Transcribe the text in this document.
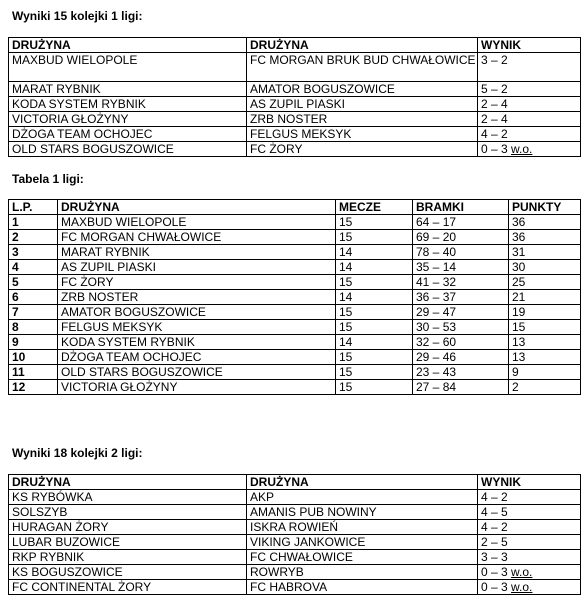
Wyniki 15 kolejki 1 ligi:
DRUŻYNA	DRUŻYNA	WYNIK
MAXBUD WIELOPOLE	FC MORGAN BRUK BUD CHWAŁOWICE	3 – 2
MARAT RYBNIK	AMATOR BOGUSZOWICE	5 – 2
KODA SYSTEM RYBNIK	AS ZUPIL PIASKI	2 – 4
VICTORIA GŁOŻYNY	ZRB NOSTER	2 – 4
DŻOGA TEAM OCHOJEC	FELGUS MEKSYK	4 – 2
OLD STARS BOGUSZOWICE	FC ŻORY	0 – 3 w.o.
Tabela 1 ligi:
L.P.	DRUŻYNA	MECZE	BRAMKI	PUNKTY
1	MAXBUD WIELOPOLE	15	64 – 17	36
2	FC MORGAN CHWAŁOWICE	15	69 – 20	36
3	MARAT RYBNIK	14	78 – 40	31
4	AS ZUPIL PIASKI	14	35 – 14	30
5	FC ŻORY	15	41 – 32	25
6	ZRB NOSTER	14	36 – 37	21
7	AMATOR BOGUSZOWICE	15	29 – 47	19
8	FELGUS MEKSYK	15	30 – 53	15
9	KODA SYSTEM RYBNIK	14	32 – 60	13
10	DŻOGA TEAM OCHOJEC	15	29 – 46	13
11	OLD STARS BOGUSZOWICE	15	23 – 43	9
12	VICTORIA GŁOŻYNY	15	27 – 84	2
Wyniki 18 kolejki 2 ligi:
DRUŻYNA	DRUŻYNA	WYNIK
KS RYBÓWKA	AKP	4 – 2
SOLSZYB	AMANIS PUB NOWINY	4 – 5
HURAGAN ŻORY	ISKRA ROWIEŃ	4 – 2
LUBAR BUZOWICE	VIKING JANKOWICE	2 – 5
RKP RYBNIK	FC CHWAŁOWICE	3 – 3
KS BOGUSZOWICE	ROWRYB	0 – 3 w.o.
FC CONTINENTAL ŻORY	FC HABROVA	0 – 3 w.o.
